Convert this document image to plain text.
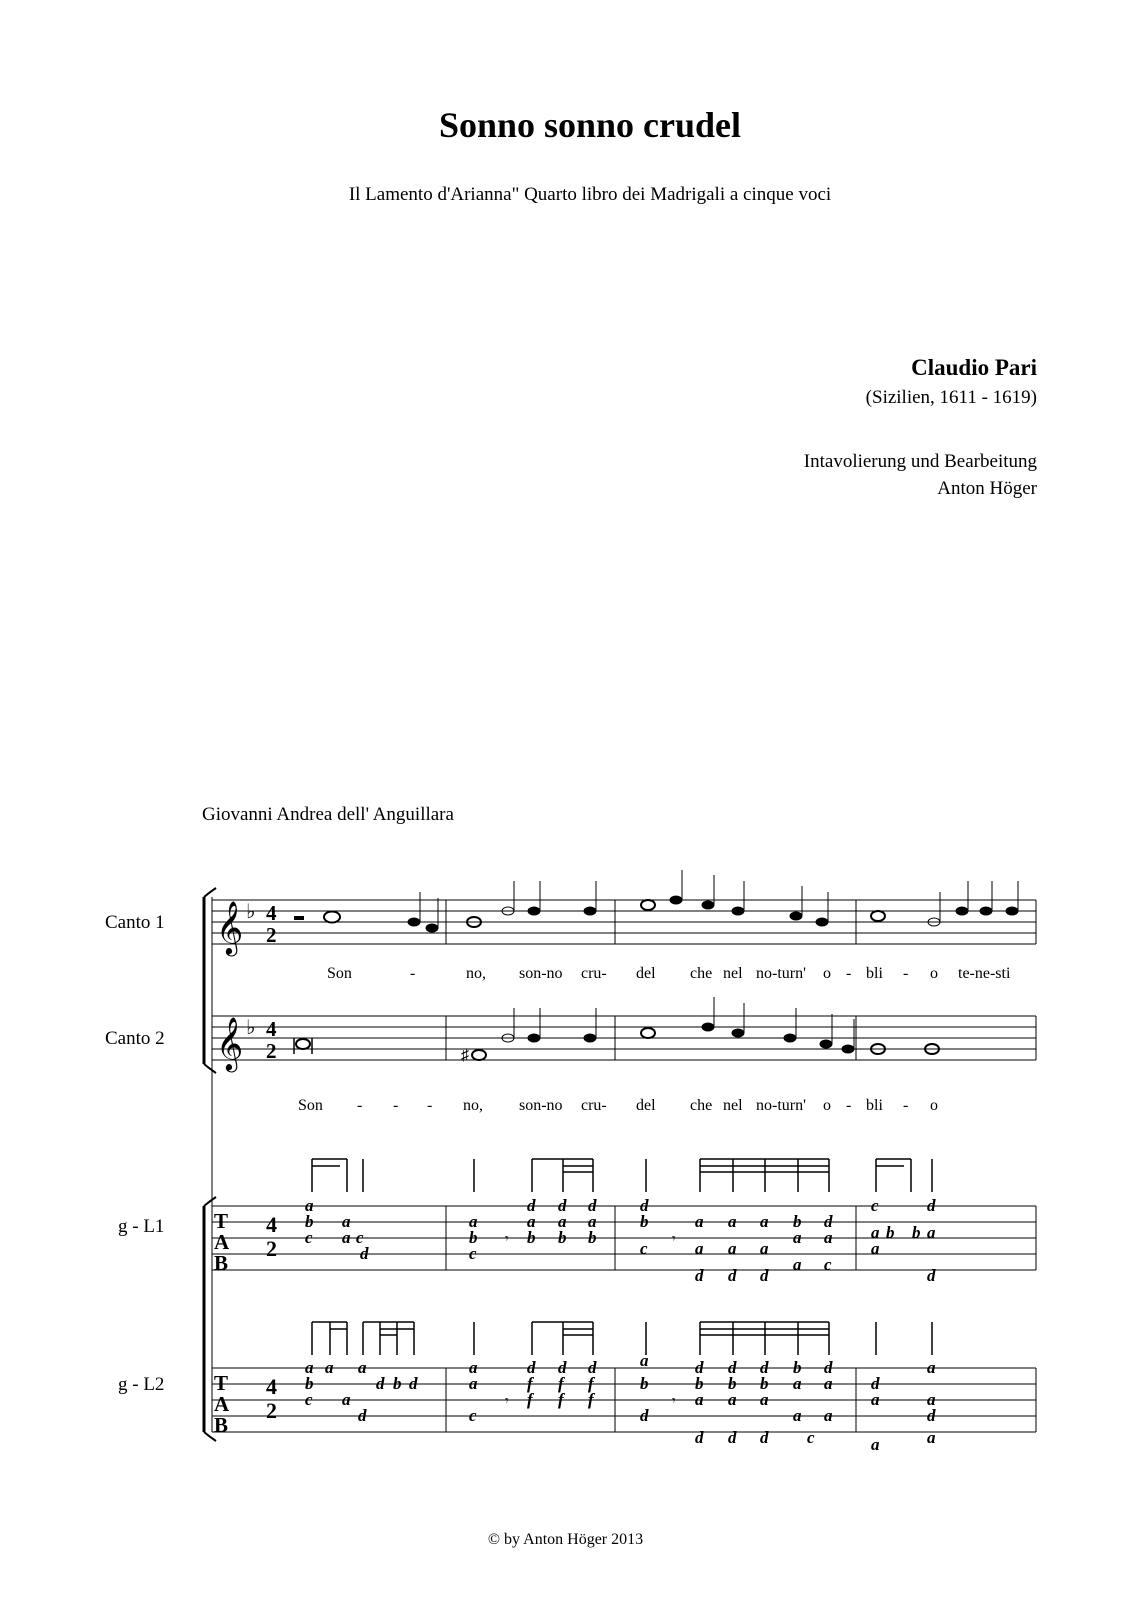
Sonno sonno crudel
Il Lamento d'Arianna" Quarto libro dei Madrigali a cinque voci
Claudio Pari
(Sizilien, 1611 - 1619)
Intavolierung und Bearbeitung
Anton Höger
Giovanni Andrea dell' Anguillara
Canto 1
Canto 2
g - L1
g - L2
𝄞 ♭ 4
2
Son	-	no, son-no cru- del che nel no-turn' o - bli - o te-ne-sti
𝄞 ♭ 4
2	♯
Son - - - no, son-no cru- del che nel no-turn' o - bli - o
T
A
B
4
2
a
b
c
a
a c
d
a
b
c
d
a
b
d
a
b
d
a
b
d
b
c
a
a
d
a
a
d
a
a
d
b
a
a
d
a
c
c
a b
a
b
d
a
d
T
A
B
4
2
a
b
c
a
a
a
d
d b d
a
a
c
d
f
f
d
f
f
d
f
f
a
b
d
d
b
a
d
d
b
a
d
d
b
a
d
b
a
a
d
a
a
c
d
a
a
a
a
a
d
𝄾	𝄾
𝄾	𝄾
© by Anton Höger 2013
